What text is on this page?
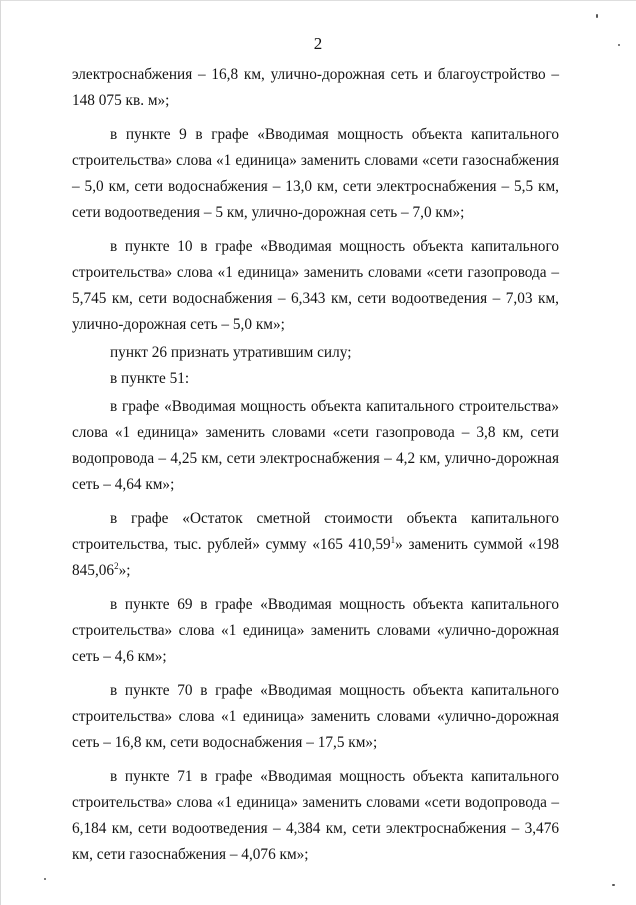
2

электроснабжения – 16,8 км, улично-дорожная сеть и благоустройство – 148 075 кв. м»;

в пункте 9 в графе «Вводимая мощность объекта капитального строительства» слова «1 единица» заменить словами «сети газоснабжения – 5,0 км, сети водоснабжения – 13,0 км, сети электроснабжения – 5,5 км, сети водоотведения – 5 км, улично-дорожная сеть – 7,0 км»;

в пункте 10 в графе «Вводимая мощность объекта капитального строительства» слова «1 единица» заменить словами «сети газопровода – 5,745 км, сети водоснабжения – 6,343 км, сети водоотведения – 7,03 км, улично-дорожная сеть – 5,0 км»;

пункт 26 признать утратившим силу;

в пункте 51:

в графе «Вводимая мощность объекта капитального строительства» слова «1 единица» заменить словами «сети газопровода – 3,8 км, сети водопровода – 4,25 км, сети электроснабжения – 4,2 км, улично-дорожная сеть – 4,64 км»;

в графе «Остаток сметной стоимости объекта капитального строительства, тыс. рублей» сумму «165 410,59$^1$» заменить суммой «198 845,06$^2$»;

в пункте 69 в графе «Вводимая мощность объекта капитального строительства» слова «1 единица» заменить словами «улично-дорожная сеть – 4,6 км»;

в пункте 70 в графе «Вводимая мощность объекта капитального строительства» слова «1 единица» заменить словами «улично-дорожная сеть – 16,8 км, сети водоснабжения – 17,5 км»;

в пункте 71 в графе «Вводимая мощность объекта капитального строительства» слова «1 единица» заменить словами «сети водопровода – 6,184 км, сети водоотведения – 4,384 км, сети электроснабжения – 3,476 км, сети газоснабжения – 4,076 км»;
